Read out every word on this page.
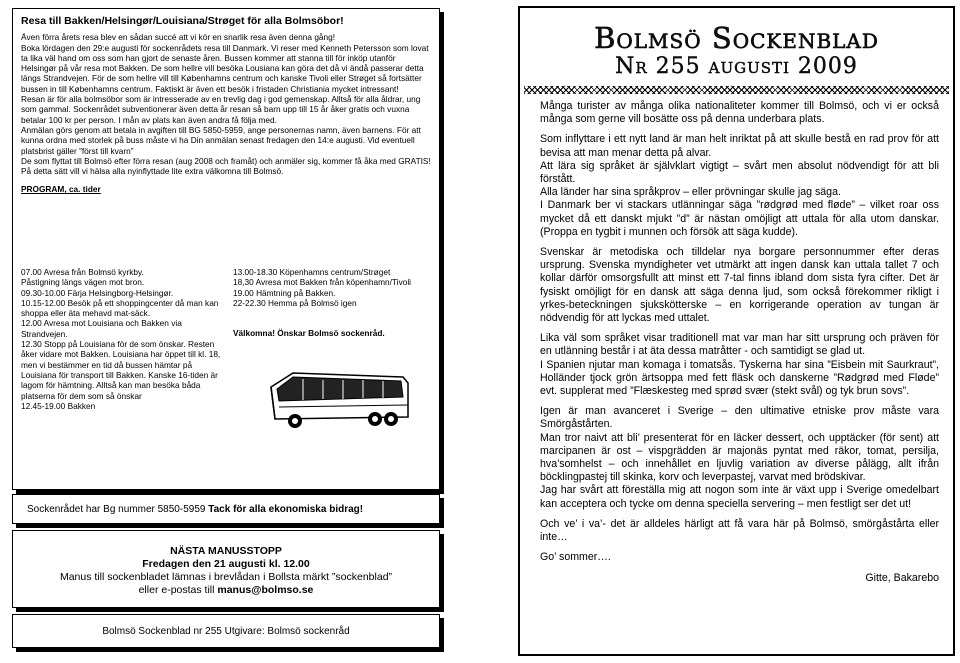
Resa till Bakken/Helsingør/Louisiana/Strøget för alla Bolmsöbor!

Även förra årets resa blev en sådan succé att vi kör en snarlik resa även denna gång!

Boka lördagen den 29:e augusti för sockenrådets resa till Danmark. Vi reser med Kenneth Petersson som lovat ta lika väl hand om oss som han gjort de senaste åren. Bussen kommer att stanna till för inköp utanför Helsingør på vår resa mot Bakken. De som hellre vill besöka Lousiana kan göra det då vi ändå passerar detta längs Strandvejen. För de som hellre vill till Københamns centrum och kanske Tivoli eller Strøget så fortsätter bussen in till Københamns centrum. Faktiskt är även ett besök i fristaden Christiania mycket intressant!

Resan är för alla bolmsöbor som är intresserade av en trevlig dag i god gemenskap. Alltså för alla åldrar, ung som gammal. Sockenrådet subventionerar även detta år resan så barn upp till 15 år åker gratis och vuxna betalar 100 kr per person. I mån av plats kan även andra få följa med.

Anmälan görs genom att betala in avgiften till BG 5850-5959, ange personernas namn, även barnens. För att kunna ordna med storlek på buss måste vi ha Din anmälan senast fredagen den 14:e augusti. Vid eventuell platsbrist gäller ”först till kvarn”

De som flyttat till Bolmsö efter förra resan (aug 2008 och framåt) och anmäler sig, kommer få åka med GRATIS! På detta sätt vill vi hälsa alla nyinflyttade lite extra välkomna till Bolmsö.

PROGRAM, ca. tider

07.00 Avresa från Bolmsö kyrkby.
Påstigning längs vägen mot bron.
09.30-10.00 Färja Helsingborg-Helsingør.
10.15-12.00 Besök på ett shoppingcenter då man kan shoppa eller äta mehavd mat-säck.
12.00 Avresa mot Louisiana och Bakken via Strandvejen.
12.30 Stopp på Louisiana för de som önskar. Resten åker vidare mot Bakken. Louisiana har öppet till kl. 18, men vi bestämmer en tid då bussen hämtar på Louisiana för transport till Bakken. Kanske 16-tiden är lagom för hämtning. Alltså kan man besöka båda platserna för dem som så önskar
12.45-19.00 Bakken
13.00-18.30 Köpenhamns centrum/Strøget
18,30 Avresa mot Bakken från köpenhamn/Tivoli
19.00 Hämtning på Bakken.
22-22.30 Hemma på Bolmsö igen

Välkomna! Önskar Bolmsö sockenråd.

Sockenrådet har Bg nummer 5850-5959
Tack för alla ekonomiska bidrag!
NÄSTA MANUSSTOPP
Fredagen den 21 augusti kl. 12.00
Manus till sockenbladet lämnas i brevlådan i Bollsta märkt ”sockenblad”
eller e-postas till manus@bolmso.se
Bolmsö Sockenblad nr 255 Utgivare: Bolmsö sockenråd
Bolmsö Sockenblad
Nr 255 augusti 2009

Många turister av många olika nationaliteter kommer till Bolmsö, och vi er också många som gerne vill bosätte oss på denna underbara plats.

Som inflyttare i ett nytt land är man helt inriktat på att skulle bestå en rad prov för att bevisa att man menar detta på alvar.
Att lära sig språket är självklart vigtigt – svårt men absolut nödvendigt för att bli förstått.
Alla länder har sina språkprov – eller prövningar skulle jag säga.
I Danmark ber vi stackars utlänningar säga ”rødgrød med fløde” – vilket roar oss mycket då ett danskt mjukt ”d” är nästan omöjligt att uttala för alla utom danskar. (Proppa en tygbit i munnen och försök att säga kudde).

Svenskar är metodiska och tilldelar nya borgare personnummer efter deras ursprung. Svenska myndigheter vet utmärkt att ingen dansk kan uttala tallet 7 och kollar därför omsorgsfullt att minst ett 7-tal finns ibland dom sista fyra cifter. Det är fysiskt omöjligt för en dansk att säga denna ljud, som också förekommer rikligt i yrkes-beteckningen sjukskötterske – en korrigerande operation av tungan är nödvendig för att lyckas med uttalet.

Lika väl som språket visar traditionell mat var man har sitt ursprung och präven för en utlänning består i at äta dessa matråtter - och samtidigt se glad ut.
I Spanien njutar man komaga i tomatsås. Tyskerna har sina ”Eisbein mit Saurkraut”, Holländer tjock grön ärtsoppa med fett fläsk och danskerne ”Rødgrød med Fløde” evt. supplerat med ”Flæskesteg med sprød svær (stekt svål) og tyk brun sovs”.

Igen är man avanceret i Sverige – den ultimative etniske prov måste vara Smörgåstårten.
Man tror naivt att bli’ presenterat för en läcker dessert, och upptäcker (för sent) att marcipanen är ost – vispgrädden är majonäs pyntat med räkor, tomat, persilja, hva’somhelst – och innehållet en ljuvlig variation av diverse pålägg, allt ifrån böcklingpastej till skinka, korv och leverpastej, varvat med brödskivar.
Jag har svårt att föreställa mig att nogon som inte är växt upp i Sverige omedelbart kan acceptera och tycke om denna speciella servering – men festligt ser det ut!

Och ve’ i va’- det är alldeles härligt att få vara här på Bolmsö, smörgåstårta eller inte…

Go’ sommer….

Gitte, Bakarebo
